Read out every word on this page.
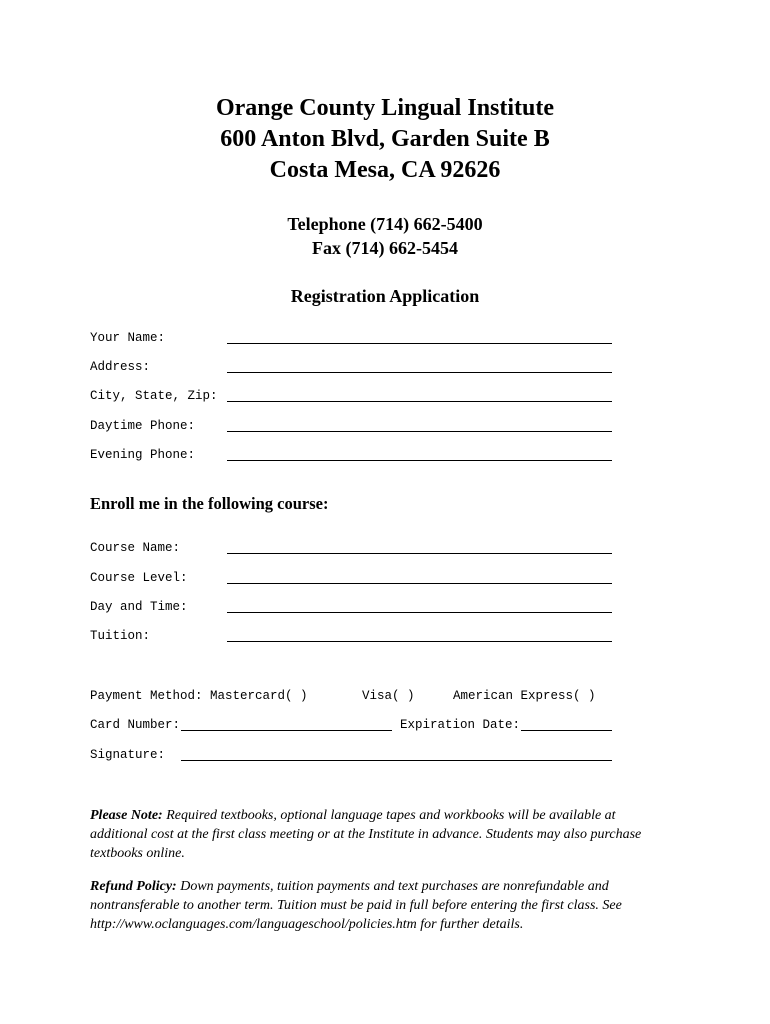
Orange County Lingual Institute
600 Anton Blvd, Garden Suite B
Costa Mesa, CA 92626
Telephone (714) 662-5400
Fax (714) 662-5454
Registration Application
Your Name:
Address:
City, State, Zip:
Daytime Phone:
Evening Phone:
Enroll me in the following course:
Course Name:
Course Level:
Day and Time:
Tuition:
Payment Method: Mastercard( )	Visa( )	American Express( )
Card Number:	Expiration Date:
Signature:
Please Note: Required textbooks, optional language tapes and workbooks will be available at additional cost at the first class meeting or at the Institute in advance. Students may also purchase textbooks online.
Refund Policy: Down payments, tuition payments and text purchases are nonrefundable and nontransferable to another term. Tuition must be paid in full before entering the first class. See http://www.oclanguages.com/languageschool/policies.htm for further details.
